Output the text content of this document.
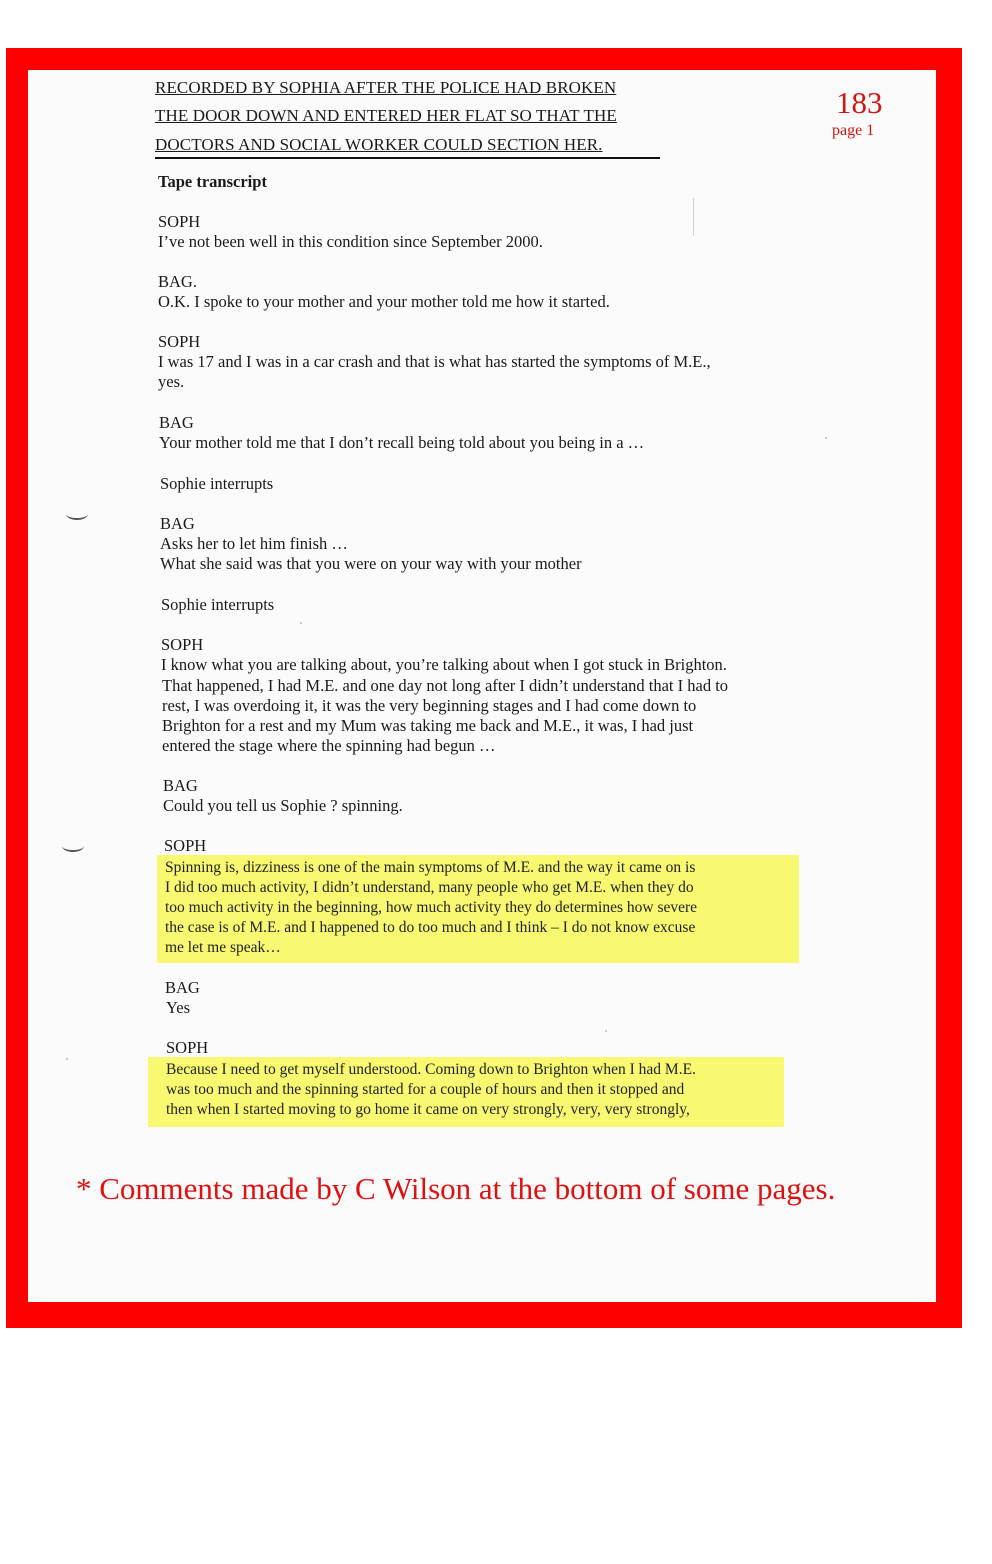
RECORDED BY SOPHIA AFTER THE POLICE HAD BROKEN
THE DOOR DOWN AND ENTERED HER FLAT SO THAT THE
DOCTORS AND SOCIAL WORKER COULD SECTION HER.
183
page 1
Tape transcript
SOPH
I’ve not been well in this condition since September 2000.
BAG.
O.K. I spoke to your mother and your mother told me how it started.
SOPH
I was 17 and I was in a car crash and that is what has started the symptoms of M.E.,
yes.
BAG
Your mother told me that I don’t recall being told about you being in a …
Sophie interrupts
BAG
Asks her to let him finish …
What she said was that you were on your way with your mother
Sophie interrupts
SOPH
I know what you are talking about, you’re talking about when I got stuck in Brighton.
That happened, I had M.E. and one day not long after I didn’t understand that I had to
rest, I was overdoing it, it was the very beginning stages and I had come down to
Brighton for a rest and my Mum was taking me back and M.E., it was, I had just
entered the stage where the spinning had begun …
BAG
Could you tell us Sophie ? spinning.
SOPH
Spinning is, dizziness is one of the main symptoms of M.E. and the way it came on is
I did too much activity, I didn’t understand, many people who get M.E. when they do
too much activity in the beginning, how much activity they do determines how severe
the case is of M.E. and I happened to do too much and I think – I do not know excuse
me let me speak…
BAG
Yes
SOPH
Because I need to get myself understood. Coming down to Brighton when I had M.E.
was too much and the spinning started for a couple of hours and then it stopped and
then when I started moving to go home it came on very strongly, very, very strongly,
* Comments made by C Wilson at the bottom of some pages.
